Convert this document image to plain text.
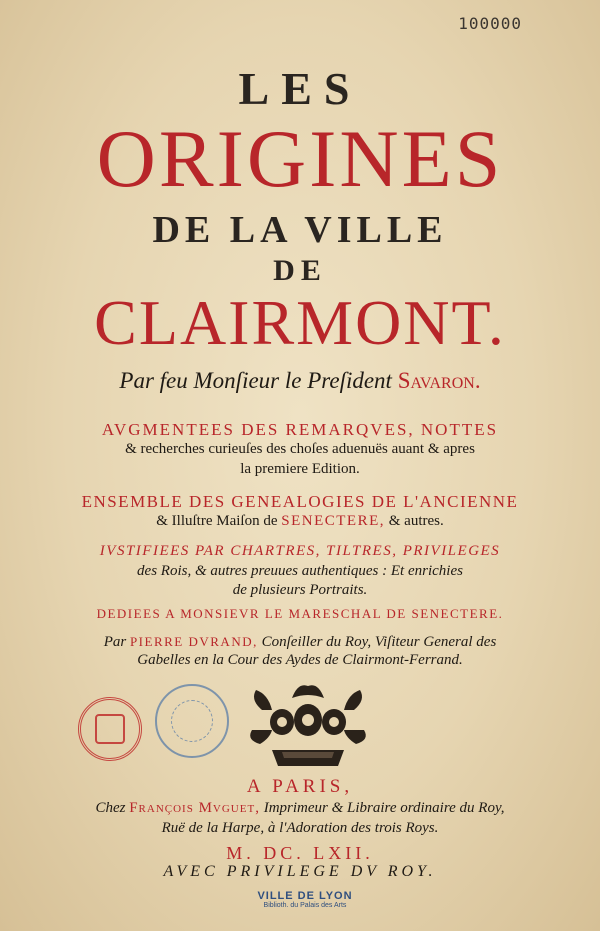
100000
LES
ORIGINES
DE LA VILLE
DE
CLAIRMONT.
Par feu Monſieur le Preſident Savaron.
AVGMENTEES DES REMARQVES, NOTTES
& recherches curieuſes des choſes aduenuës auant & apres
la premiere Edition.
ENSEMBLE DES GENEALOGIES DE L'ANCIENNE
& Illuſtre Maiſon de SENECTERE, & autres.
IVSTIFIEES PAR CHARTRES, TILTRES, PRIVILEGES
des Rois, & autres preuues authentiques : Et enrichies
de plusieurs Portraits.
DEDIEES A MONSIEVR LE MARESCHAL DE SENECTERE.
Par PIERRE DVRAND, Conſeiller du Roy, Viſiteur General des
Gabelles en la Cour des Aydes de Clairmont-Ferrand.
A PARIS,
Chez François Mvguet, Imprimeur & Libraire ordinaire du Roy,
Ruë de la Harpe, à l'Adoration des trois Roys.
M. DC. LXII.
AVEC PRIVILEGE DV ROY.
VILLE DE LYON
Biblioth. du Palais des Arts
